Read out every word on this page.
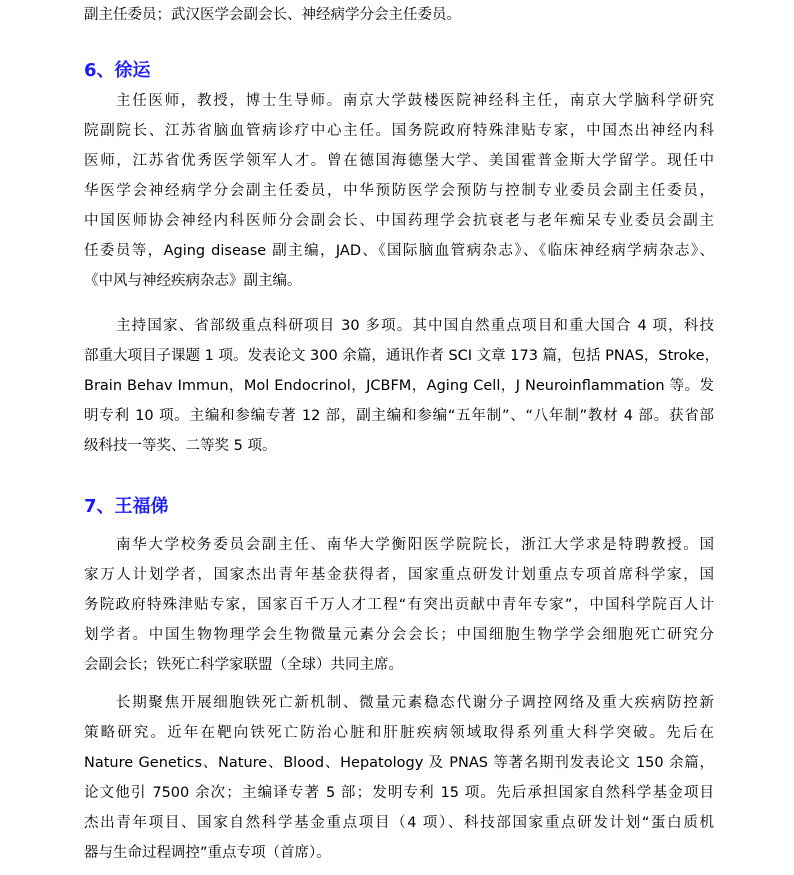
副主任委员；武汉医学会副会长、神经病学分会主任委员。
6、徐运
主任医师，教授，博士生导师。南京大学鼓楼医院神经科主任，南京大学脑科学研究
院副院长、江苏省脑血管病诊疗中心主任。国务院政府特殊津贴专家，中国杰出神经内科
医师，江苏省优秀医学领军人才。曾在德国海德堡大学、美国霍普金斯大学留学。现任中
华医学会神经病学分会副主任委员，中华预防医学会预防与控制专业委员会副主任委员，
中国医师协会神经内科医师分会副会长、中国药理学会抗衰老与老年痴呆专业委员会副主
任委员等，Aging disease 副主编，JAD、《国际脑血管病杂志》、《临床神经病学病杂志》、
《中风与神经疾病杂志》副主编。
主持国家、省部级重点科研项目 30 多项。其中国自然重点项目和重大国合 4 项，科技
部重大项目子课题 1 项。发表论文 300 余篇，通讯作者 SCI 文章 173 篇，包括 PNAS，Stroke，
Brain Behav Immun，Mol Endocrinol，JCBFM，Aging Cell，J Neuroinflammation 等。发
明专利 10 项。主编和参编专著 12 部，副主编和参编“五年制”、“八年制”教材 4 部。获省部
级科技一等奖、二等奖 5 项。
7、王福俤
南华大学校务委员会副主任、南华大学衡阳医学院院长，浙江大学求是特聘教授。国
家万人计划学者，国家杰出青年基金获得者，国家重点研发计划重点专项首席科学家，国
务院政府特殊津贴专家，国家百千万人才工程“有突出贡献中青年专家”，中国科学院百人计
划学者。中国生物物理学会生物微量元素分会会长；中国细胞生物学学会细胞死亡研究分
会副会长；铁死亡科学家联盟（全球）共同主席。
长期聚焦开展细胞铁死亡新机制、微量元素稳态代谢分子调控网络及重大疾病防控新
策略研究。近年在靶向铁死亡防治心脏和肝脏疾病领域取得系列重大科学突破。先后在
Nature Genetics、Nature、Blood、Hepatology 及 PNAS 等著名期刊发表论文 150 余篇，
论文他引 7500 余次；主编译专著 5 部；发明专利 15 项。先后承担国家自然科学基金项目
杰出青年项目、国家自然科学基金重点项目（4 项）、科技部国家重点研发计划“蛋白质机
器与生命过程调控”重点专项（首席）。
